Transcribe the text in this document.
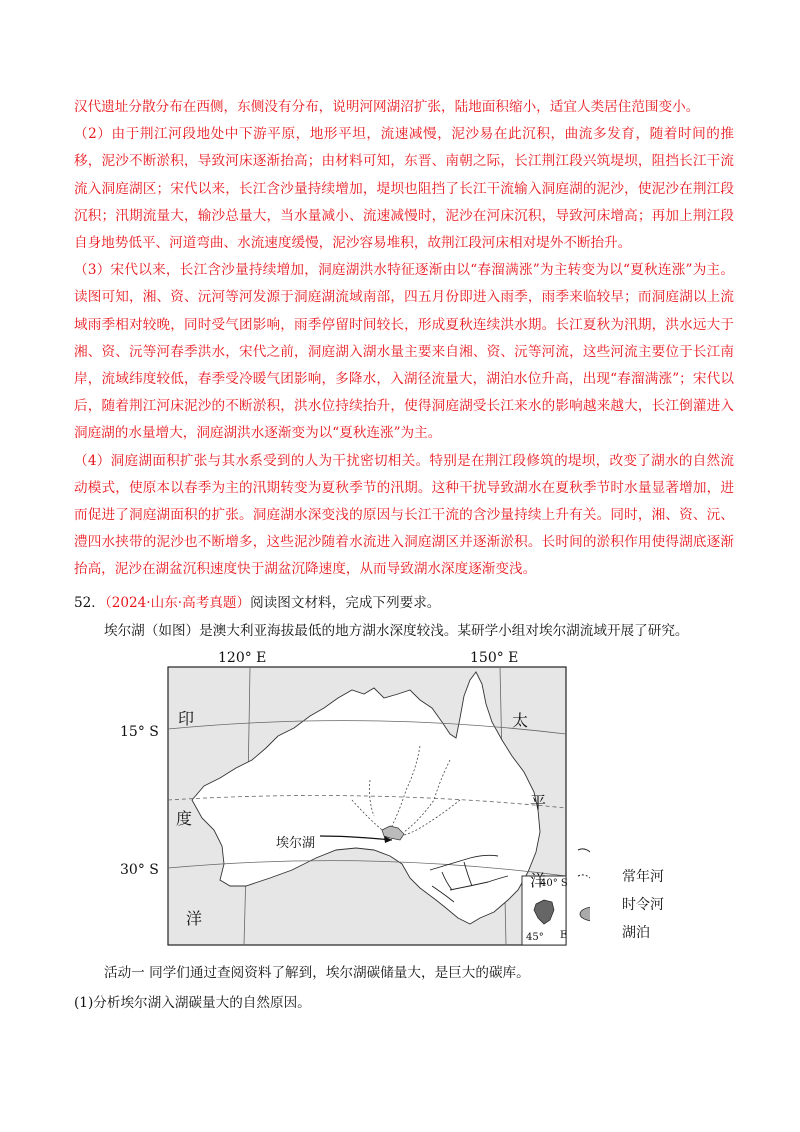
汉代遗址分散分布在西侧，东侧没有分布，说明河网湖沼扩张，陆地面积缩小，适宜人类居住范围变小。

（2）由于荆江河段地处中下游平原，地形平坦，流速减慢，泥沙易在此沉积，曲流多发育，随着时间的推移，泥沙不断淤积，导致河床逐渐抬高；由材料可知，东晋、南朝之际，长江荆江段兴筑堤坝，阻挡长江干流流入洞庭湖区；宋代以来，长江含沙量持续增加，堤坝也阻挡了长江干流输入洞庭湖的泥沙，使泥沙在荆江段沉积；汛期流量大，输沙总量大，当水量减小、流速减慢时，泥沙在河床沉积，导致河床增高；再加上荆江段自身地势低平、河道弯曲、水流速度缓慢，泥沙容易堆积，故荆江段河床相对堤外不断抬升。

（3）宋代以来，长江含沙量持续增加，洞庭湖洪水特征逐渐由以“春溜满涨”为主转变为以“夏秋连涨”为主。读图可知，湘、资、沅河等河发源于洞庭湖流域南部，四五月份即进入雨季，雨季来临较早；而洞庭湖以上流域雨季相对较晚，同时受气团影响，雨季停留时间较长，形成夏秋连续洪水期。长江夏秋为汛期，洪水远大于湘、资、沅等河春季洪水，宋代之前，洞庭湖入湖水量主要来自湘、资、沅等河流，这些河流主要位于长江南岸，流域纬度较低，春季受冷暖气团影响，多降水，入湖径流量大，湖泊水位升高，出现“春溜满涨”；宋代以后，随着荆江河床泥沙的不断淤积，洪水位持续抬升，使得洞庭湖受长江来水的影响越来越大，长江倒灌进入洞庭湖的水量增大，洞庭湖洪水逐渐变为以“夏秋连涨”为主。

（4）洞庭湖面积扩张与其水系受到的人为干扰密切相关。特别是在荆江段修筑的堤坝，改变了湖水的自然流动模式，使原本以春季为主的汛期转变为夏秋季节的汛期。这种干扰导致湖水在夏秋季节时水量显著增加，进而促进了洞庭湖面积的扩张。洞庭湖水深变浅的原因与长江干流的含沙量持续上升有关。同时，湘、资、沅、澧四水挟带的泥沙也不断增多，这些泥沙随着水流进入洞庭湖区并逐渐淤积。长时间的淤积作用使得湖底逐渐抬高，泥沙在湖盆沉积速度快于湖盆沉降速度，从而导致湖水深度逐渐变浅。

52．（2024·山东·高考真题）阅读图文材料，完成下列要求。
埃尔湖（如图）是澳大利亚海拔最低的地方湖水深度较浅。某研学小组对埃尔湖流域开展了研究。
120° E	150° E
15° S
30° S
印
度
洋
太
平
洋
埃尔湖
40° S
45° E
常年河
时令河
湖泊
活动一 同学们通过查阅资料了解到，埃尔湖碳储量大，是巨大的碳库。
(1)分析埃尔湖入湖碳量大的自然原因。
